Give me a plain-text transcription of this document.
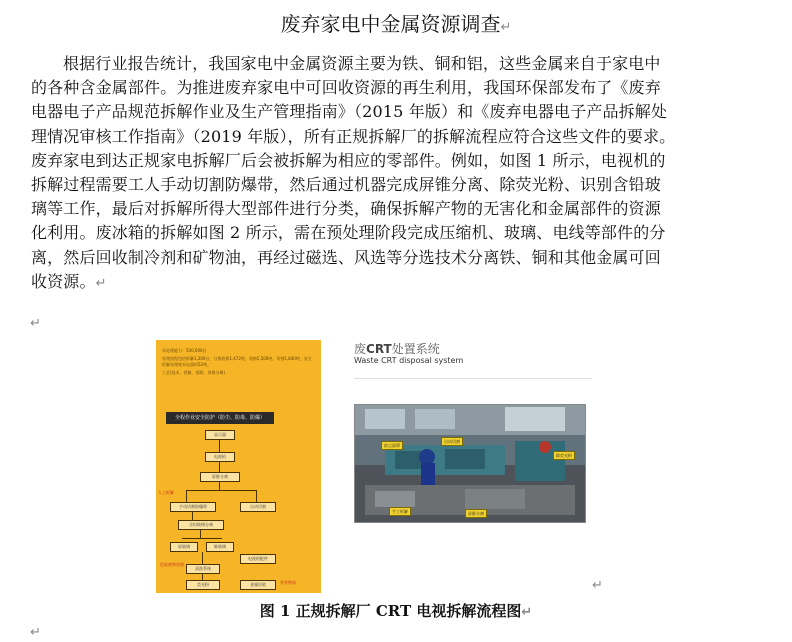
废弃家电中金属资源调查↵
根据行业报告统计，我国家电中金属资源主要为铁、铜和铝，这些金属来自于家电中
的各种含金属部件。为推进废弃家电中可回收资源的再生利用，我国环保部发布了《废弃
电器电子产品规范拆解作业及生产管理指南》（2015 年版）和《废弃电器电子产品拆解处
理情况审核工作指南》（2019 年版），所有正规拆解厂的拆解流程应符合这些文件的要求。
废弃家电到达正规家电拆解厂后会被拆解为相应的零部件。例如，如图 1 所示，电视机的
拆解过程需要工人手动切割防爆带，然后通过机器完成屏锥分离、除荧光粉、识别含铅玻
璃等工作，最后对拆解所得大型部件进行分类，确保拆解产物的无害化和金属部件的资源
化利用。废冰箱的拆解如图 2 所示，需在预处理阶段完成压缩机、玻璃、电线等部件的分
离，然后回收制冷剂和矿物油，再经过磁选、风选等分选技术分离铁、铜和其他金属可回
收资源。↵
↵
年处理能力：500,000台
处理流程包括拆解1,200台，分拣铅锥1,472吨，装箱5,500吨，切割1,840吨，安全
拆解处理废弃电器约52吨。
工艺(技术，拆解，拆除，屏锥分离)
全程作业安全防护（防尘、防毒、防爆）
显示器
电视机
屏锥分离
手动切割防爆带	自动切割
含铅玻璃分离
屏玻璃	锥玻璃
清洗系统
电视机配件
荧光粉	金属回收
人工拆解
危险废物处理
有害物质
废CRT处置系统
Waste CRT disposal system
防尘面罩
自动切割
除荧光粉
手工拆解	屏锥分离
↵
图 1 正规拆解厂 CRT 电视拆解流程图↵
↵
